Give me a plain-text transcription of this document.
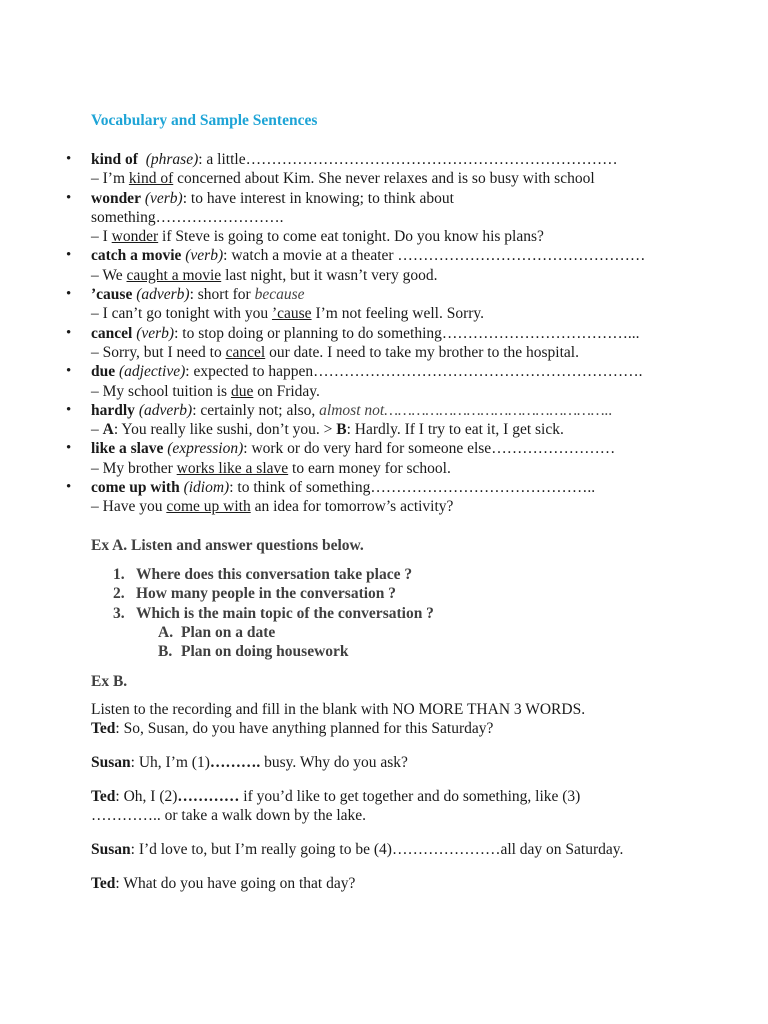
Vocabulary and Sample Sentences
• kind of (phrase): a little………………………………………………………………
– I’m kind of concerned about Kim. She never relaxes and is so busy with school
• wonder (verb): to have interest in knowing; to think about
something…………………….
– I wonder if Steve is going to come eat tonight. Do you know his plans?
• catch a movie (verb): watch a movie at a theater …………………………………………
– We caught a movie last night, but it wasn’t very good.
• ’cause (adverb): short for because
– I can’t go tonight with you ’cause I’m not feeling well. Sorry.
• cancel (verb): to stop doing or planning to do something………………………………...
– Sorry, but I need to cancel our date. I need to take my brother to the hospital.
• due (adjective): expected to happen……………………………………………………….
– My school tuition is due on Friday.
• hardly (adverb): certainly not; also, almost not…………………………………………..
– A: You really like sushi, don’t you. > B: Hardly. If I try to eat it, I get sick.
• like a slave (expression): work or do very hard for someone else……………………
– My brother works like a slave to earn money for school.
• come up with (idiom): to think of something……………………………………..
– Have you come up with an idea for tomorrow’s activity?

Ex A. Listen and answer questions below.

1. Where does this conversation take place ?
2. How many people in the conversation ?
3. Which is the main topic of the conversation ?
A. Plan on a date
B. Plan on doing housework

Ex B.

Listen to the recording and fill in the blank with NO MORE THAN 3 WORDS.
Ted: So, Susan, do you have anything planned for this Saturday?

Susan: Uh, I’m (1)………. busy. Why do you ask?

Ted: Oh, I (2)………… if you’d like to get together and do something, like (3)
………….. or take a walk down by the lake.

Susan: I’d love to, but I’m really going to be (4)…………………all day on Saturday.

Ted: What do you have going on that day?
